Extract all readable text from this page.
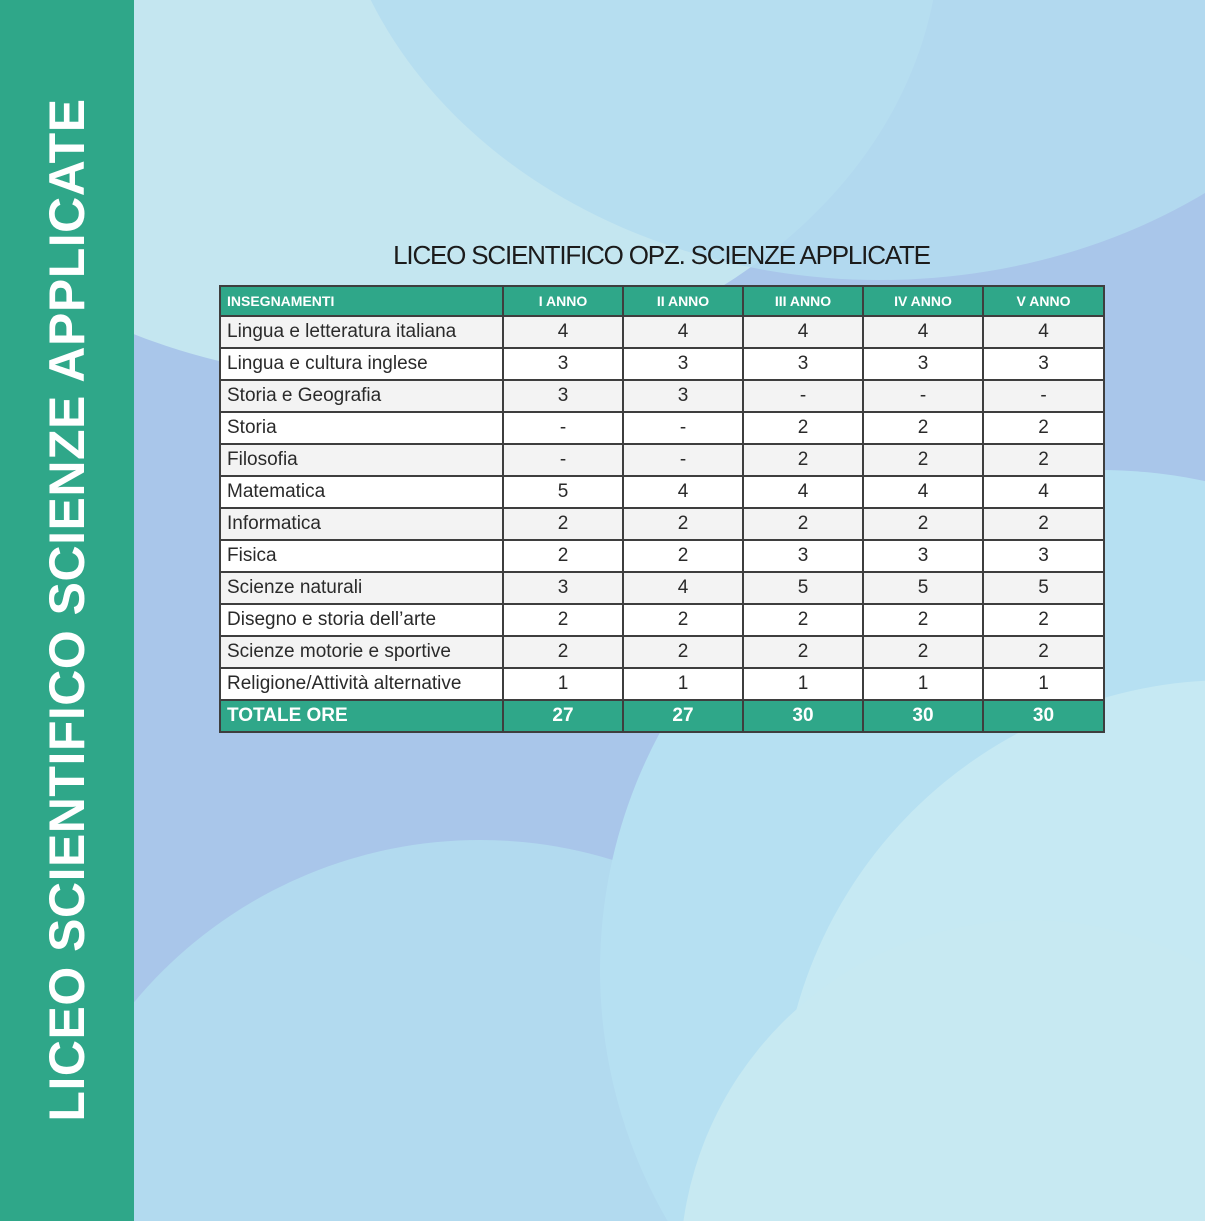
LICEO SCIENTIFICO SCIENZE APPLICATE	LICEO SCIENTIFICO OPZ. SCIENZE APPLICATE
INSEGNAMENTI	I ANNO	II ANNO	III ANNO	IV ANNO	V ANNO
Lingua e letteratura italiana	4	4	4	4	4
Lingua e cultura inglese	3	3	3	3	3
Storia e Geografia	3	3	-	-	-
Storia	-	-	2	2	2
Filosofia	-	-	2	2	2
Matematica	5	4	4	4	4
Informatica	2	2	2	2	2
Fisica	2	2	3	3	3
Scienze naturali	3	4	5	5	5
Disegno e storia dell’arte	2	2	2	2	2
Scienze motorie e sportive	2	2	2	2	2
Religione/Attività alternative	1	1	1	1	1
TOTALE ORE	27	27	30	30	30
